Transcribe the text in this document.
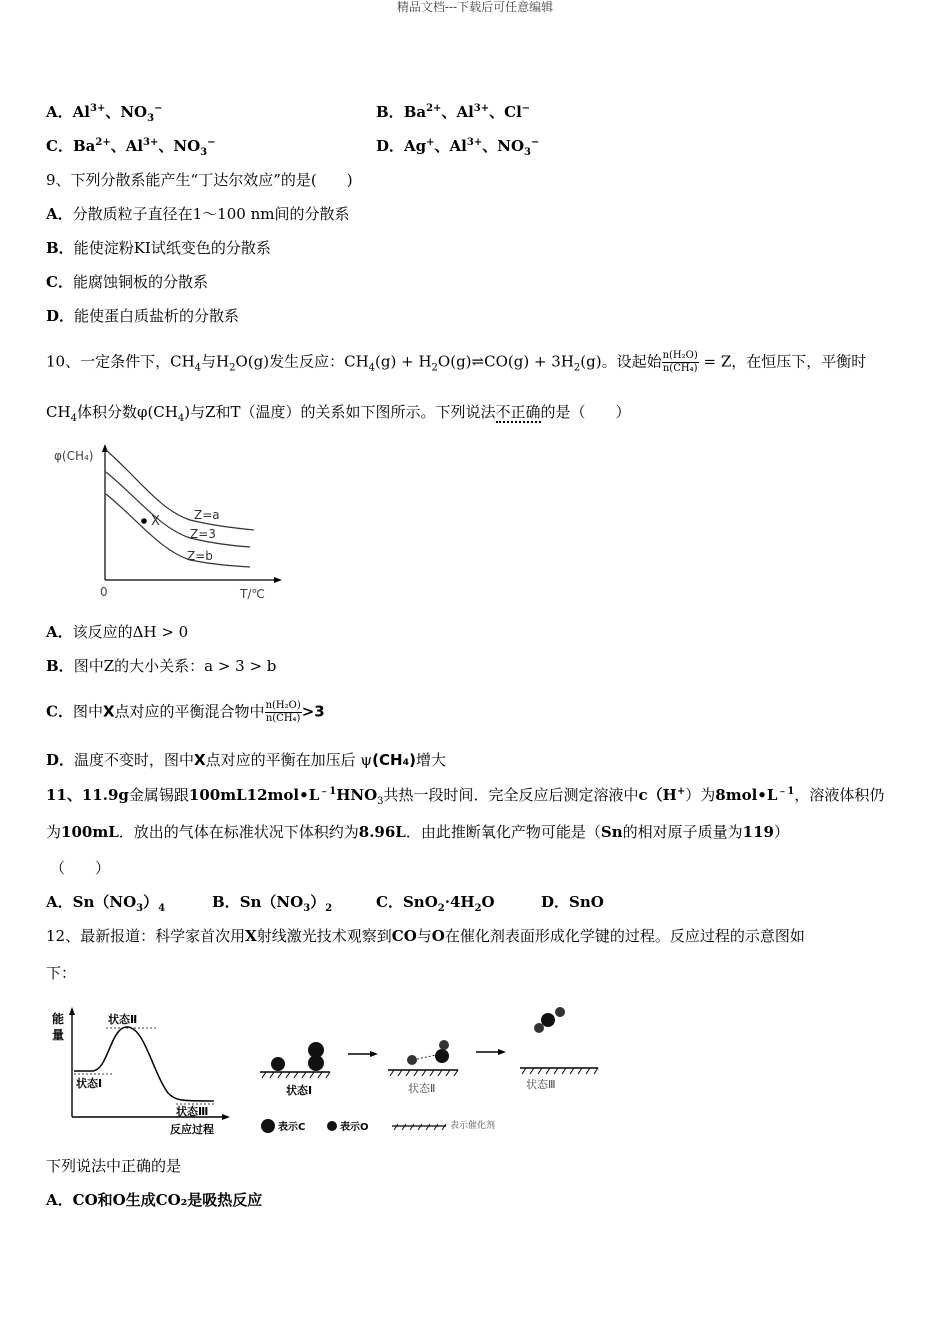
精品文档---下载后可任意编辑
A．$Al^{3+}$、$NO_3^-$	B．$Ba^{2+}$、$Al^{3+}$、Cl−
C．$Ba^{2+}$、$Al^{3+}$、$NO_3^-$	D．Ag+、$Al^{3+}$、$NO_3^-$
9、下列分散系能产生“丁达尔效应”的是(　　)
A．分散质粒子直径在1～100 nm间的分散系
B．能使淀粉KI试纸变色的分散系
C．能腐蚀铜板的分散系
D．能使蛋白质盐析的分散系
10、一定条件下，$CH_4$与$H_2O(g)$发生反应：$CH_4(g)$ + $H_2O(g)\rightleftharpoons CO(g) + 3H_2(g)$。设起始 $\frac{\text{n(H₂O)}}{\text{n(CH₄)}} = Z$，在恒压下，平衡时
$CH_4$体积分数$\varphi(CH_4)$与Z和T（温度）的关系如下图所示。下列说法不正确的是（　　）
φ(CH₄)
0	T/℃
X	Z=a
Z=3
Z=b
A．该反应的ΔH > 0
B．图中Z的大小关系：a > 3 > b
C．图中X点对应的平衡混合物中 $\frac{\text{n(H₂O)}}{\text{n(CH₄)}} >3$
D．温度不变时，图中X点对应的平衡在加压后 ψ(CH₄)增大
11、11.9g金属锡跟$100mL12mol•L^{﹣1}HNO_3$共热一段时间．完全反应后测定溶液中c（H+）为$8mol•L^{﹣1}$，溶液体积仍
为100mL．放出的气体在标准状况下体积约为8.96L．由此推断氧化产物可能是（Sn的相对原子质量为119）
（　　）
A．$Sn(NO_3)_4$	B．$Sn(NO_3)_2$	C．$SnO_2\cdot 4H_2O$	D．SnO
12、最新报道：科学家首次用X射线激光技术观察到CO与O在催化剂表面形成化学键的过程。反应过程的示意图如
下：
能
量
状态Ⅱ
状态Ⅰ
状态Ⅲ
反应过程
状态Ⅰ	状态Ⅱ	状态Ⅲ
表示C	表示O	表示催化剂
下列说法中正确的是
A．CO和O生成CO₂是吸热反应
